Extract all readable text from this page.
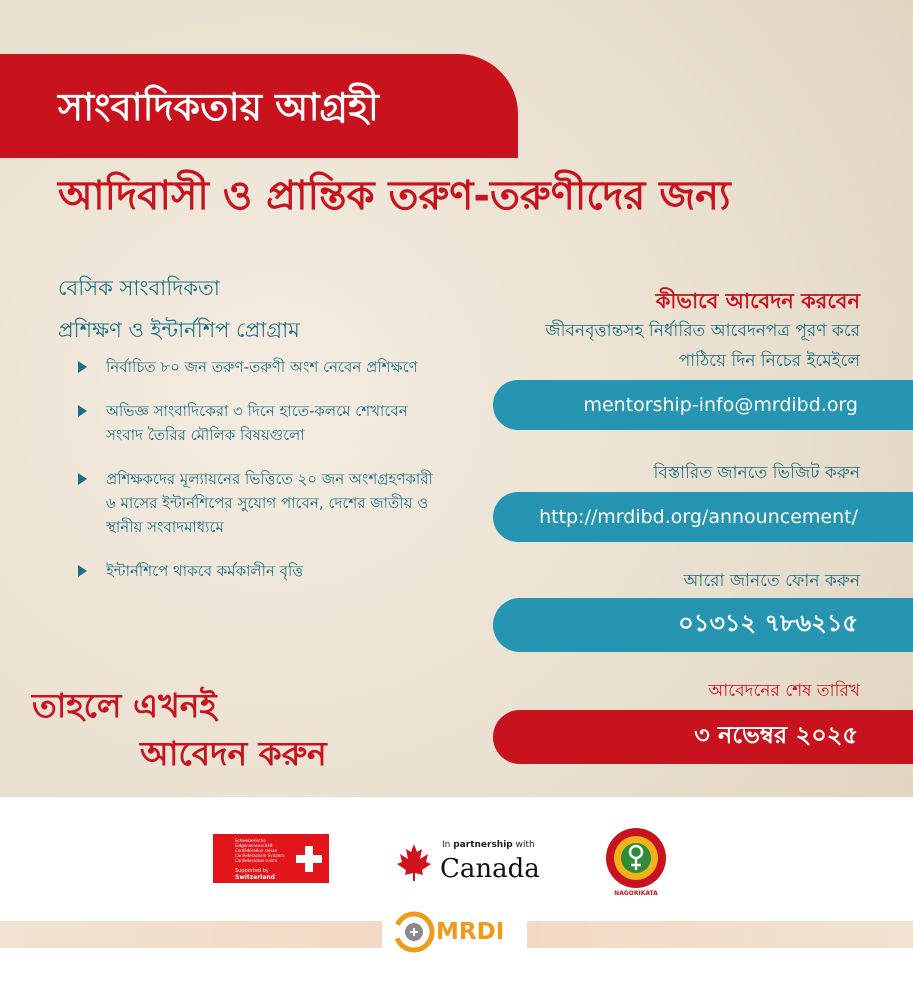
সাংবাদিকতায় আগ্রহী
আদিবাসী ও প্রান্তিক তরুণ-তরুণীদের জন্য
বেসিক সাংবাদিকতা
প্রশিক্ষণ ও ইন্টার্নশিপ প্রোগ্রাম
নির্বাচিত ৮০ জন তরুণ-তরুণী অংশ নেবেন প্রশিক্ষণে
অভিজ্ঞ সাংবাদিকেরা ৩ দিনে হাতে-কলমে শেখাবেন সংবাদ তৈরির মৌলিক বিষয়গুলো
প্রশিক্ষকদের মূল্যায়নের ভিত্তিতে ২০ জন অংশগ্রহণকারী ৬ মাসের ইন্টার্নশিপের সুযোগ পাবেন, দেশের জাতীয় ও স্থানীয় সংবাদমাধ্যমে
ইন্টার্নশিপে থাকবে কর্মকালীন বৃত্তি
তাহলে এখনই
আবেদন করুন
কীভাবে আবেদন করবেন
জীবনবৃত্তান্তসহ নির্ধারিত আবেদনপত্র পূরণ করে
পাঠিয়ে দিন নিচের ইমেইলে
mentorship-info@mrdibd.org
বিস্তারিত জানতে ভিজিট করুন
http://mrdibd.org/announcement/
আরো জানতে ফোন করুন
০১৩১২ ৭৮৬২১৫
আবেদনের শেষ তারিখ
৩ নভেম্বর ২০২৫
Schweizerische Eidgenossenschaft Confédération suisse Confederazione Svizzera Confederaziun svizra
Supported by
Switzerland
In partnership with
Canada
NAGORIKATA
MRDI
